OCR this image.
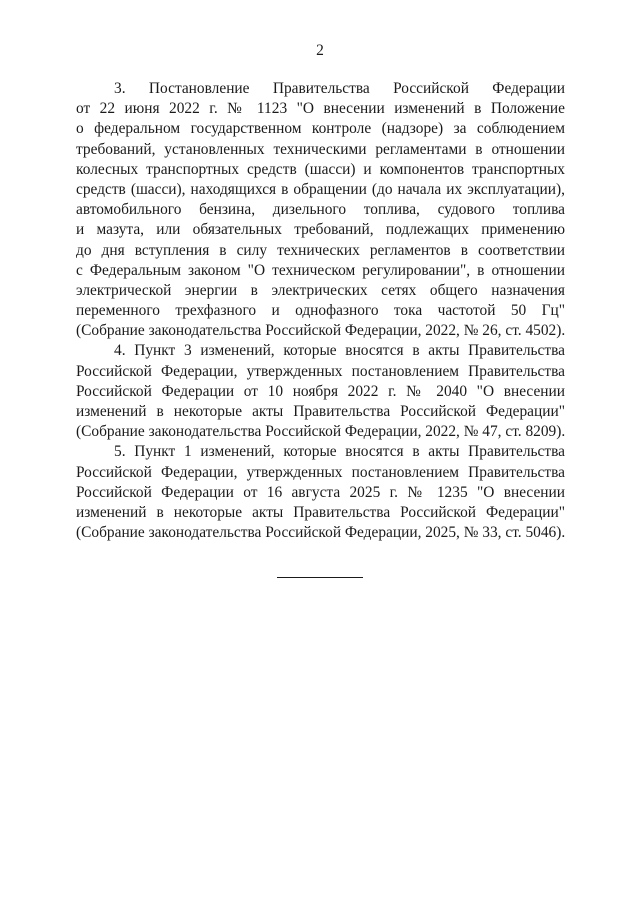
2
3. Постановление Правительства Российской Федерации
от 22 июня 2022 г. № 1123 "О внесении изменений в Положение
о федеральном государственном контроле (надзоре) за соблюдением
требований, установленных техническими регламентами в отношении
колесных транспортных средств (шасси) и компонентов транспортных
средств (шасси), находящихся в обращении (до начала их эксплуатации),
автомобильного бензина, дизельного топлива, судового топлива
и мазута, или обязательных требований, подлежащих применению
до дня вступления в силу технических регламентов в соответствии
с Федеральным законом "О техническом регулировании", в отношении
электрической энергии в электрических сетях общего назначения
переменного трехфазного и однофазного тока частотой 50 Гц"
(Собрание законодательства Российской Федерации, 2022, № 26, ст. 4502).
4. Пункт 3 изменений, которые вносятся в акты Правительства
Российской Федерации, утвержденных постановлением Правительства
Российской Федерации от 10 ноября 2022 г. № 2040 "О внесении
изменений в некоторые акты Правительства Российской Федерации"
(Собрание законодательства Российской Федерации, 2022, № 47, ст. 8209).
5. Пункт 1 изменений, которые вносятся в акты Правительства
Российской Федерации, утвержденных постановлением Правительства
Российской Федерации от 16 августа 2025 г. № 1235 "О внесении
изменений в некоторые акты Правительства Российской Федерации"
(Собрание законодательства Российской Федерации, 2025, № 33, ст. 5046).
